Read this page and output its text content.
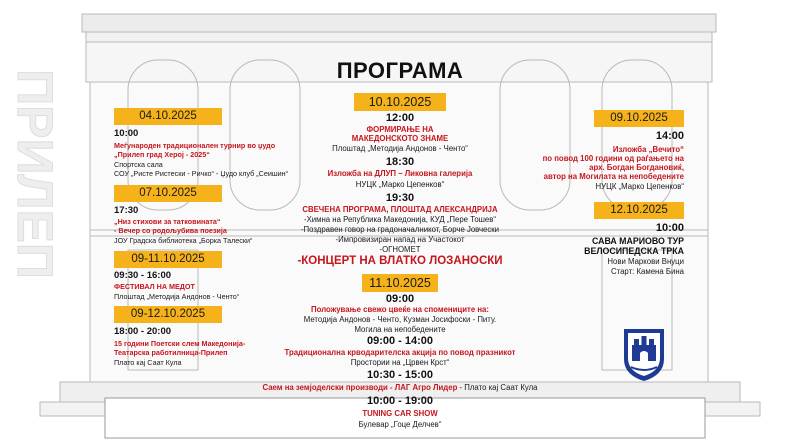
ПРИЛЕП	ПРОГРАМА
04.10.2025
10:00
Меѓународен традиционален турнир во џудо
„Прилеп град Херој - 2025“
Спортска сала
СОУ „Ристе Ристески - Ричко“ - Џудо клуб „Сеишин“
07.10.2025
17:30
„Низ стихови за татковината“
- Вечер со родољубива поезија
ЈОУ Градска библиотека „Борка Талески“
09-11.10.2025
09:30 - 16:00
ФЕСТИВАЛ НА МЕДОТ
Плоштад „Методија Андонов - Ченто“
09-12.10.2025
18:00 - 20:00
15 години Поетски слем Македонија-
Театарска работилница-Прилеп
Плато кај Саат Кула
10.10.2025
12:00
ФОРМИРАЊЕ НА
МАКЕДОНСКОТО ЗНАМЕ
Плоштад „Методија Андонов - Ченто“
18:30
Изложба на ДЛУП – Ликовна галерија
НУЦК „Марко Цепенков“
19:30
СВЕЧЕНА ПРОГРАМА, ПЛОШТАД АЛЕКСАНДРИЈА
-Химна на Република Македонија, КУД „Пере Тошев“
-Поздравен говор на градоначалникот, Борче Јовчески
-Импровизиран напад на Участокот
-ОГНОМЕТ
-КОНЦЕРТ НА ВЛАТКО ЛОЗАНОСКИ
11.10.2025
09:00
Положување свежо цвеќе на спомениците на:
Методија Андонов - Ченто, Кузман Јосифоски - Питу.
Могила на непобедените
09:00 - 14:00
Традиционална крводарителска акција по повод празникот
Простории на „Црвен Крст“
10:30 - 15:00
Саем на земјоделски производи - ЛАГ Агро Лидер - Плато кај Саат Кула
10:00 - 19:00
TUNING CAR SHOW
Булевар „Гоце Делчев“
09.10.2025
14:00
Изложба „Вечито“
по повод 100 години од раѓањето на
арх. Богдан Богдановиќ,
автор на Могилата на непобедените
НУЦК „Марко Цепенков“
12.10.2025
10:00
САВА МАРИОВО ТУР
ВЕЛОСИПЕДСКА ТРКА
Нови Маркови Внуци
Старт: Камена Бина
